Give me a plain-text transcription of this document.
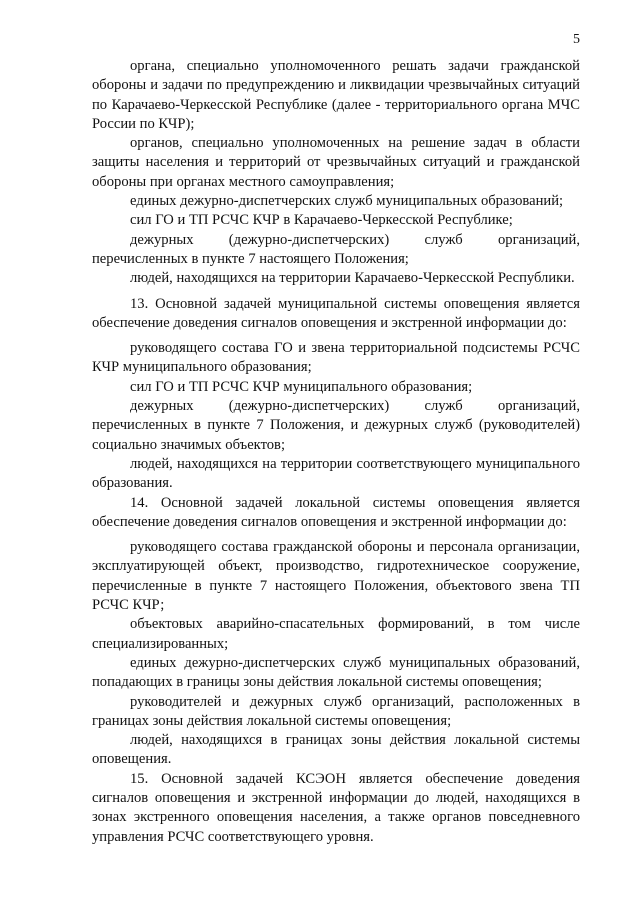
5

органа, специально уполномоченного решать задачи гражданской обороны и задачи по предупреждению и ликвидации чрезвычайных ситуаций по Карачаево-Черкесской Республике (далее - территориального органа МЧС России по КЧР);

органов, специально уполномоченных на решение задач в области защиты населения и территорий от чрезвычайных ситуаций и гражданской обороны при органах местного самоуправления;

единых дежурно-диспетчерских служб муниципальных образований;

сил ГО и ТП РСЧС КЧР в Карачаево-Черкесской Республике;

дежурных (дежурно-диспетчерских) служб организаций, перечисленных в пункте 7 настоящего Положения;

людей, находящихся на территории Карачаево-Черкесской Республики.

13. Основной задачей муниципальной системы оповещения является обеспечение доведения сигналов оповещения и экстренной информации до:

руководящего состава ГО и звена территориальной подсистемы РСЧС КЧР муниципального образования;

сил ГО и ТП РСЧС КЧР муниципального образования;

дежурных (дежурно-диспетчерских) служб организаций, перечисленных в пункте 7 Положения, и дежурных служб (руководителей) социально значимых объектов;

людей, находящихся на территории соответствующего муниципального образования.

14. Основной задачей локальной системы оповещения является обеспечение доведения сигналов оповещения и экстренной информации до:

руководящего состава гражданской обороны и персонала организации, эксплуатирующей объект, производство, гидротехническое сооружение, перечисленные в пункте 7 настоящего Положения, объектового звена ТП РСЧС КЧР;

объектовых аварийно-спасательных формирований, в том числе специализированных;

единых дежурно-диспетчерских служб муниципальных образований, попадающих в границы зоны действия локальной системы оповещения;

руководителей и дежурных служб организаций, расположенных в границах зоны действия локальной системы оповещения;

людей, находящихся в границах зоны действия локальной системы оповещения.

15. Основной задачей КСЭОН является обеспечение доведения сигналов оповещения и экстренной информации до людей, находящихся в зонах экстренного оповещения населения, а также органов повседневного управления РСЧС соответствующего уровня.
